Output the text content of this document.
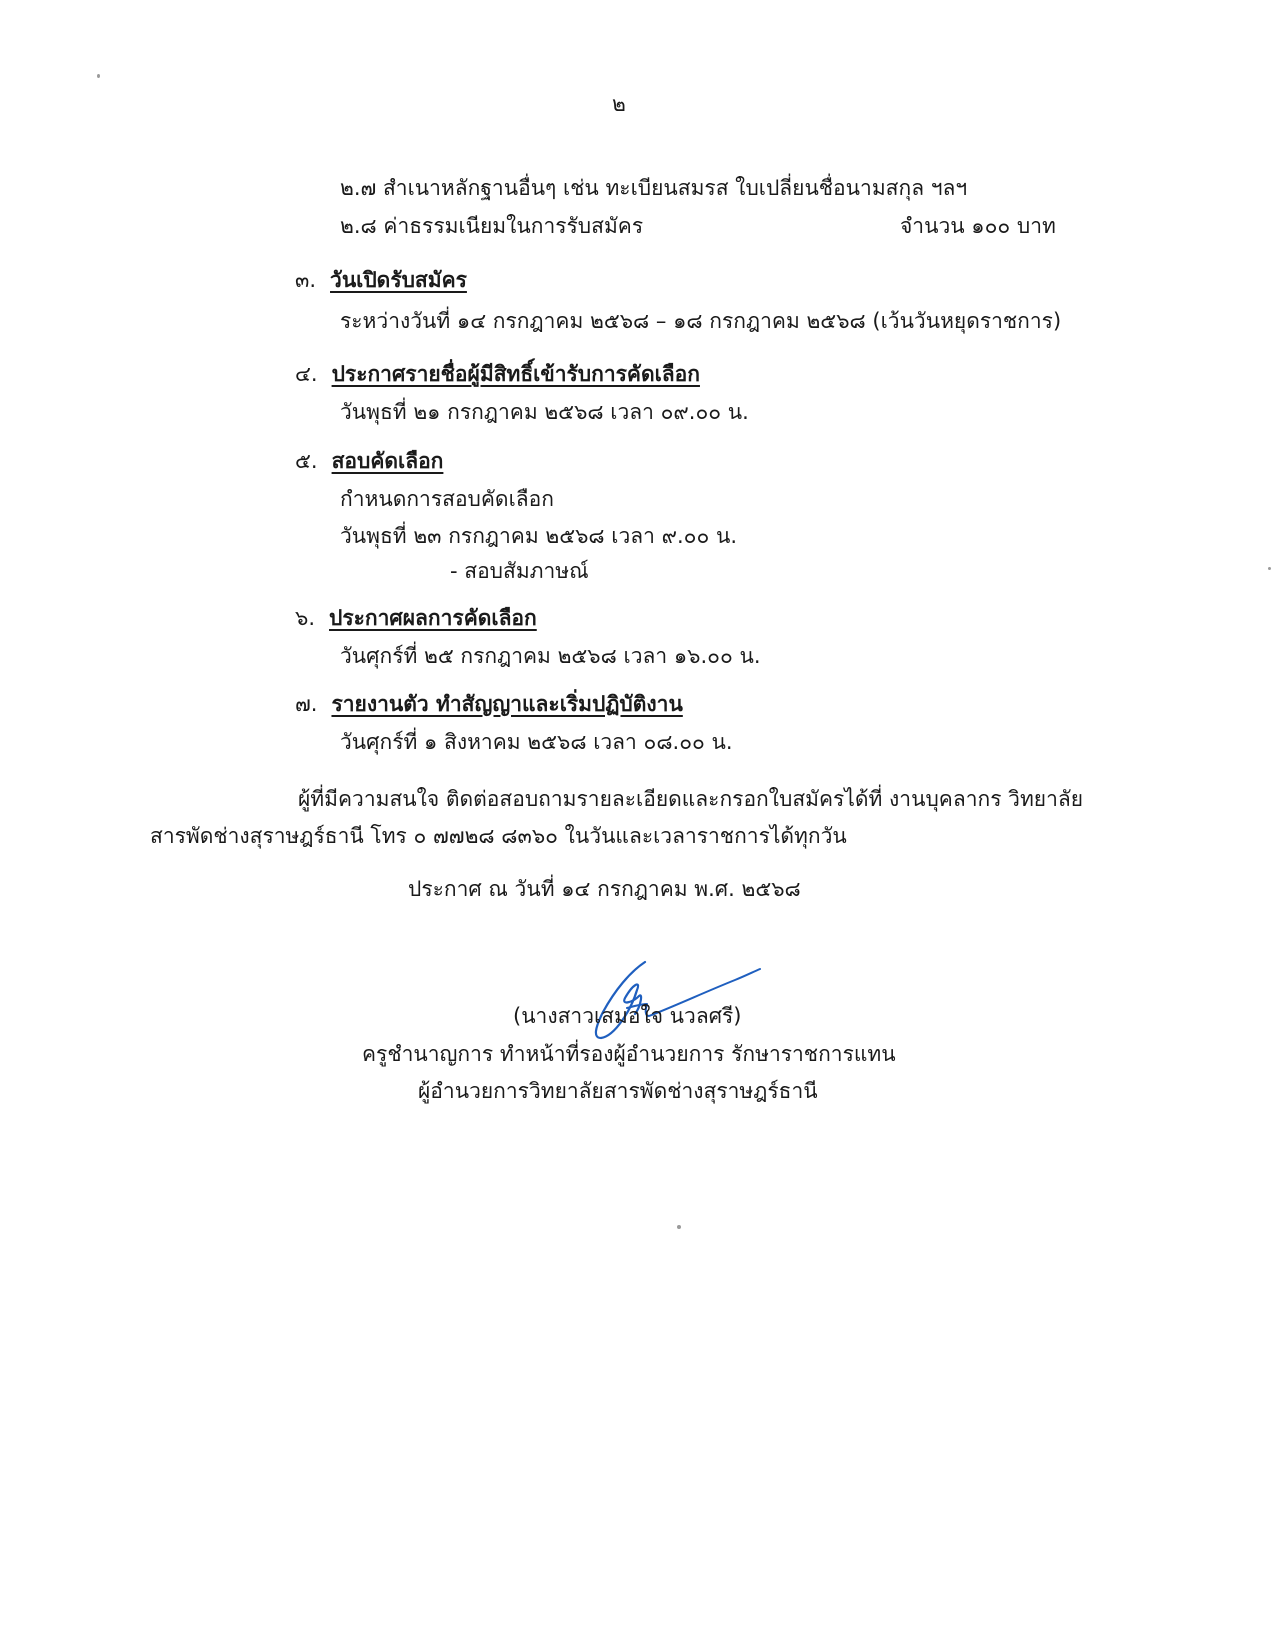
๒
๒.๗ สำเนาหลักฐานอื่นๆ เช่น ทะเบียนสมรส ใบเปลี่ยนชื่อนามสกุล ฯลฯ
๒.๘ ค่าธรรมเนียมในการรับสมัคร	จำนวน ๑๐๐ บาท
๓. วันเปิดรับสมัคร
ระหว่างวันที่ ๑๔ กรกฎาคม ๒๕๖๘ – ๑๘ กรกฎาคม ๒๕๖๘ (เว้นวันหยุดราชการ)
๔. ประกาศรายชื่อผู้มีสิทธิ์เข้ารับการคัดเลือก
วันพุธที่ ๒๑ กรกฎาคม ๒๕๖๘ เวลา ๐๙.๐๐ น.
๕. สอบคัดเลือก
กำหนดการสอบคัดเลือก
วันพุธที่ ๒๓ กรกฎาคม ๒๕๖๘ เวลา ๙.๐๐ น.
- สอบสัมภาษณ์
๖. ประกาศผลการคัดเลือก
วันศุกร์ที่ ๒๕ กรกฎาคม ๒๕๖๘ เวลา ๑๖.๐๐ น.
๗. รายงานตัว ทำสัญญาและเริ่มปฏิบัติงาน
วันศุกร์ที่ ๑ สิงหาคม ๒๕๖๘ เวลา ๐๘.๐๐ น.
ผู้ที่มีความสนใจ ติดต่อสอบถามรายละเอียดและกรอกใบสมัครได้ที่ งานบุคลากร วิทยาลัย
สารพัดช่างสุราษฎร์ธานี โทร ๐ ๗๗๒๘ ๘๓๖๐ ในวันและเวลาราชการได้ทุกวัน
ประกาศ ณ วันที่ ๑๔ กรกฎาคม พ.ศ. ๒๕๖๘
(นางสาวเสมอใจ นวลศรี)
ครูชำนาญการ ทำหน้าที่รองผู้อำนวยการ รักษาราชการแทน
ผู้อำนวยการวิทยาลัยสารพัดช่างสุราษฎร์ธานี
